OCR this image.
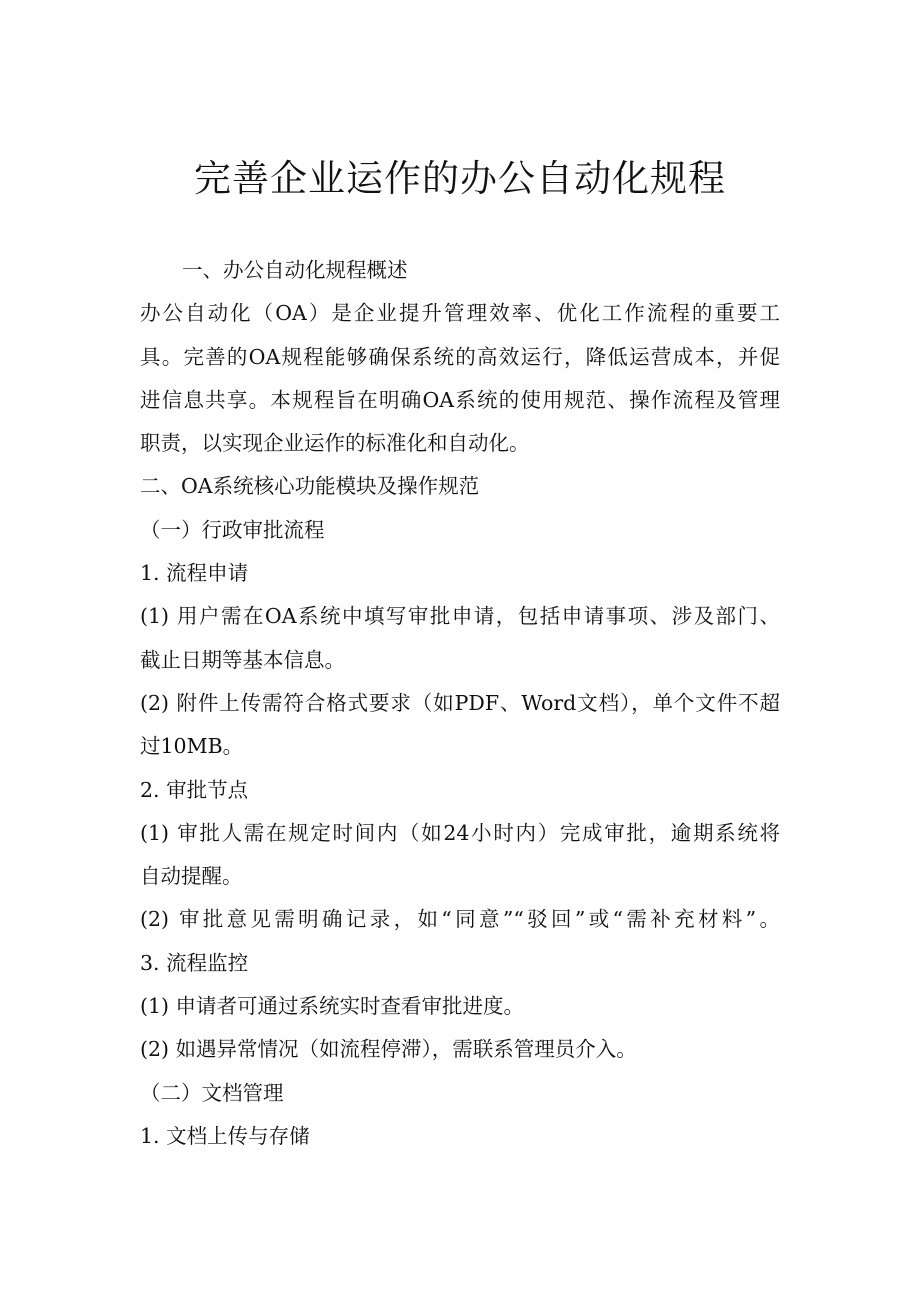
完善企业运作的办公自动化规程
一、办公自动化规程概述
办公自动化（OA）是企业提升管理效率、优化工作流程的重要工
具。完善的OA规程能够确保系统的高效运行，降低运营成本，并促
进信息共享。本规程旨在明确OA系统的使用规范、操作流程及管理
职责，以实现企业运作的标准化和自动化。
二、OA系统核心功能模块及操作规范
（一）行政审批流程
1. 流程申请
(1) 用户需在OA系统中填写审批申请，包括申请事项、涉及部门、
截止日期等基本信息。
(2) 附件上传需符合格式要求（如PDF、Word文档），单个文件不超
过10MB。
2. 审批节点
(1) 审批人需在规定时间内（如24小时内）完成审批，逾期系统将
自动提醒。
(2) 审批意见需明确记录，如“同意”“驳回”或“需补充材料”。
3. 流程监控
(1) 申请者可通过系统实时查看审批进度。
(2) 如遇异常情况（如流程停滞），需联系管理员介入。
（二）文档管理
1. 文档上传与存储
